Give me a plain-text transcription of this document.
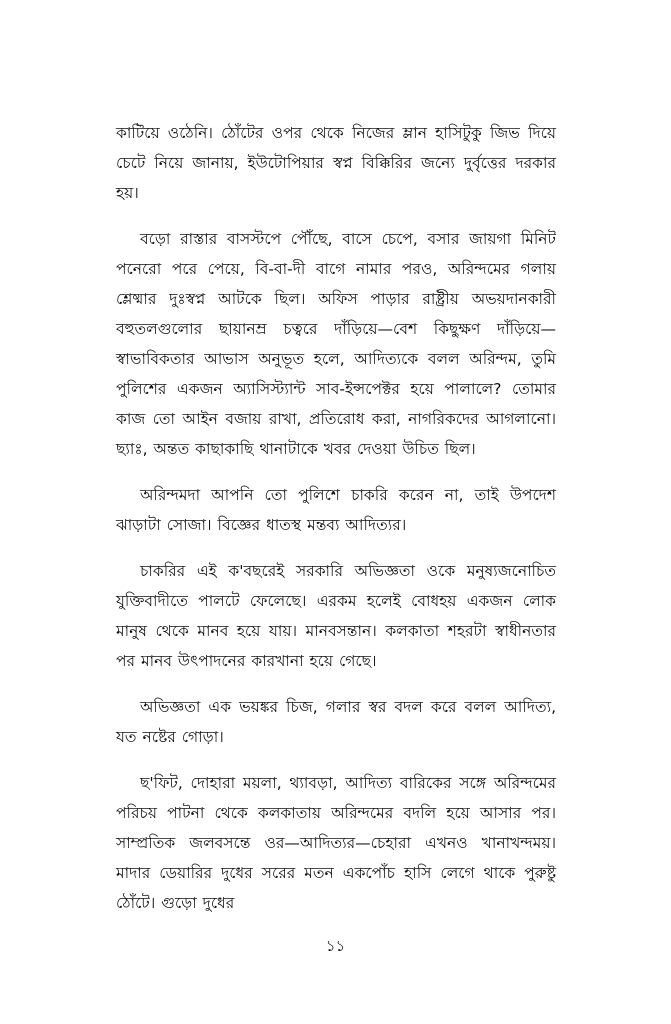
কাটিয়ে ওঠেনি। ঠোঁটের ওপর থেকে নিজের ম্লান হাসিটুকু জিভ দিয়ে চেটে নিয়ে জানায়, ইউটোপিয়ার স্বপ্ন বিক্কিরির জন্যে দুর্বৃত্তের দরকার হয়।

বড়ো রাস্তার বাসস্টপে পৌঁছে, বাসে চেপে, বসার জায়গা মিনিট পনেরো পরে পেয়ে, বি-বা-দী বাগে নামার পরও, অরিন্দমের গলায় শ্লেষ্মার দুঃস্বপ্ন আটকে ছিল। অফিস পাড়ার রাষ্ট্রীয় অভয়দানকারী বহুতলগুলোর ছায়ানম্র চত্বরে দাঁড়িয়ে—বেশ কিছুক্ষণ দাঁড়িয়ে—স্বাভাবিকতার আভাস অনুভূত হলে, আদিত্যকে বলল অরিন্দম, তুমি পুলিশের একজন অ্যাসিস্ট্যান্ট সাব-ইন্সপেক্টর হয়ে পালালে? তোমার কাজ তো আইন বজায় রাখা, প্রতিরোধ করা, নাগরিকদের আগলানো। ছ্যাঃ, অন্তত কাছাকাছি থানাটাকে খবর দেওয়া উচিত ছিল।

অরিন্দমদা আপনি তো পুলিশে চাকরি করেন না, তাই উপদেশ ঝাড়াটা সোজা। বিজ্ঞের ধাতস্থ মন্তব্য আদিত্যর।

চাকরির এই ক'বছরেই সরকারি অভিজ্ঞতা ওকে মনুষ্যজনোচিত যুক্তিবাদীতে পালটে ফেলেছে। এরকম হলেই বোধহয় একজন লোক মানুষ থেকে মানব হয়ে যায়। মানবসন্তান। কলকাতা শহরটা স্বাধীনতার পর মানব উৎপাদনের কারখানা হয়ে গেছে।

অভিজ্ঞতা এক ভয়ঙ্কর চিজ, গলার স্বর বদল করে বলল আদিত্য, যত নষ্টের গোড়া।

ছ'ফিট, দোহারা ময়লা, থ্যাবড়া, আদিত্য বারিকের সঙ্গে অরিন্দমের পরিচয় পাটনা থেকে কলকাতায় অরিন্দমের বদলি হয়ে আসার পর। সাম্প্রতিক জলবসন্তে ওর—আদিত্যর—চেহারা এখনও খানাখন্দময়। মাদার ডেয়ারির দুধের সরের মতন একপোঁচ হাসি লেগে থাকে পুরুষ্টু ঠোঁটে। গুড়ো দুধের

১১
